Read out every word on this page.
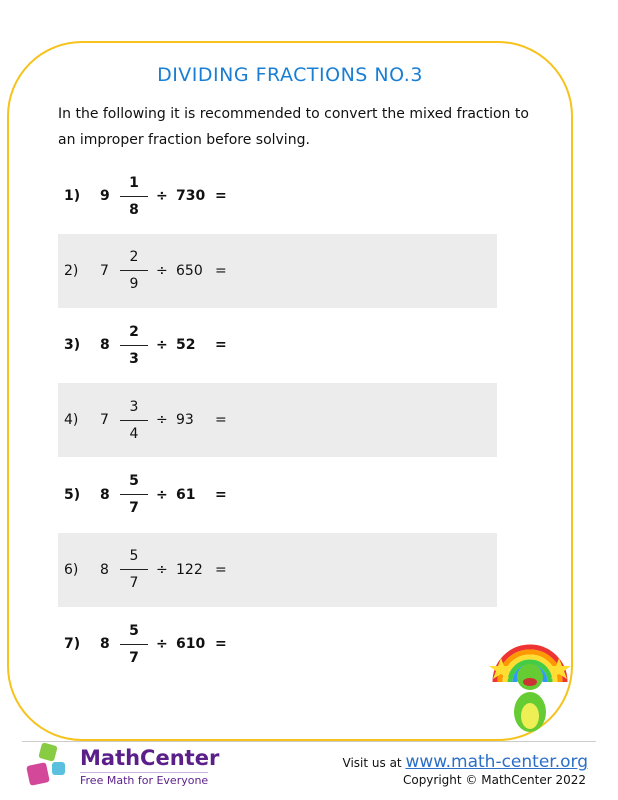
DIVIDING FRACTIONS NO.3
In the following it is recommended to convert the mixed fraction to an improper fraction before solving.
1) 9
1
8
÷ 730 =
2) 7
2
9
÷ 650 =
3) 8
2
3
÷ 52 =
4) 7
3
4
÷ 93 =
5) 8
5
7
÷ 61 =
6) 8
5
7
÷ 122 =
7) 8
5
7
÷ 610 =
MathCenter
Free Math for Everyone
Visit us at www.math-center.org
Copyright © MathCenter 2022
